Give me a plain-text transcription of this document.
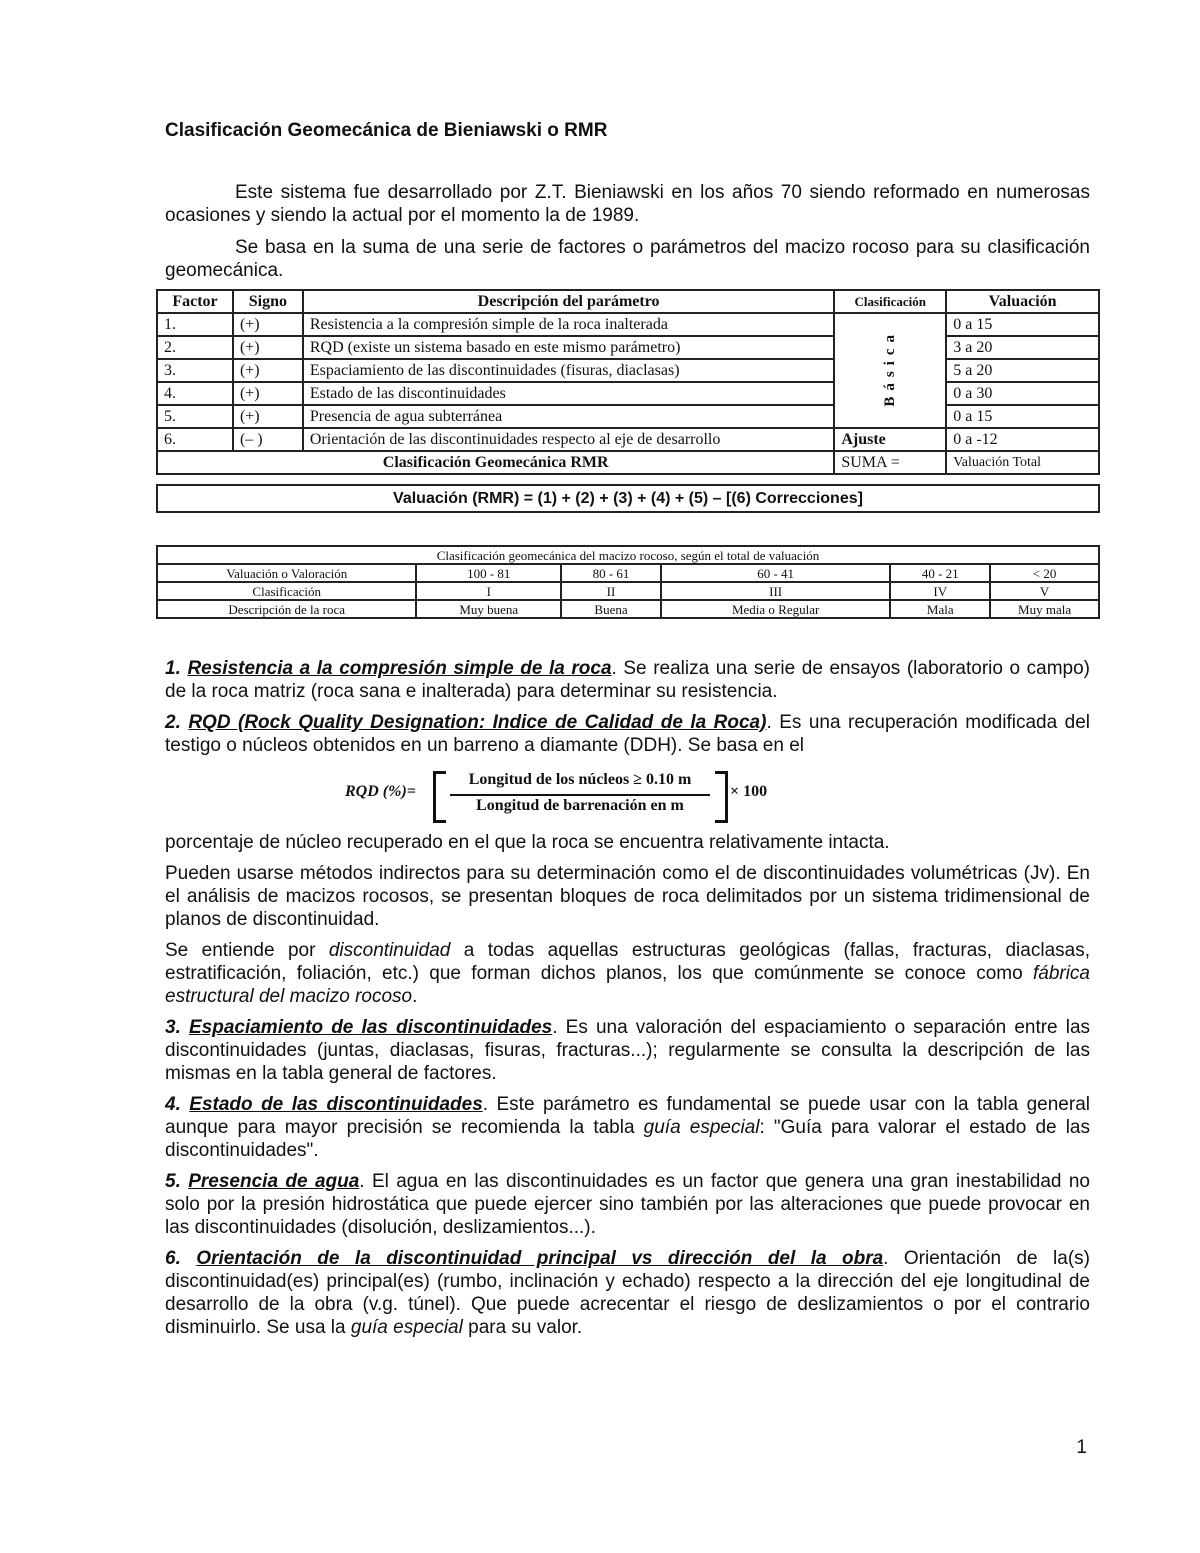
Clasificación Geomecánica de Bieniawski o RMR

Este sistema fue desarrollado por Z.T. Bieniawski en los años 70 siendo reformado en numerosas ocasiones y siendo la actual por el momento la de 1989.

Se basa en la suma de una serie de factores o parámetros del macizo rocoso para su clasificación geomecánica.

Factor	Signo	Descripción del parámetro	Clasificación	Valuación
1.	(+)	Resistencia a la compresión simple de la roca inalterada	Básica	0 a 15
2.	(+)	RQD (existe un sistema basado en este mismo parámetro)		3 a 20
3.	(+)	Espaciamiento de las discontinuidades (fisuras, diaclasas)		5 a 20
4.	(+)	Estado de las discontinuidades		0 a 30
5.	(+)	Presencia de agua subterránea		0 a 15
6.	(– )	Orientación de las discontinuidades respecto al eje de desarrollo	Ajuste	0 a -12
Clasificación Geomecánica RMR			SUMA =	Valuación Total
Valuación (RMR) = (1) + (2) + (3) + (4) + (5) – [(6) Correcciones]
Clasificación geomecánica del macizo rocoso, según el total de valuación					
Valuación o Valoración	100 - 81	80 - 61	60 - 41	40 - 21	< 20
Clasificación	I	II	III	IV	V
Descripción de la roca	Muy buena	Buena	Media o Regular	Mala	Muy mala

1. Resistencia a la compresión simple de la roca. Se realiza una serie de ensayos (laboratorio o campo) de la roca matriz (roca sana e inalterada) para determinar su resistencia.

2. RQD (Rock Quality Designation: Indice de Calidad de la Roca). Es una recuperación modificada del testigo o núcleos obtenidos en un barreno a diamante (DDH). Se basa en el

RQD (%)=
Longitud de los núcleos ≥ 0.10 m
Longitud de barrenación en m
× 100

porcentaje de núcleo recuperado en el que la roca se encuentra relativamente intacta.

Pueden usarse métodos indirectos para su determinación como el de discontinuidades volumétricas (Jv). En el análisis de macizos rocosos, se presentan bloques de roca delimitados por un sistema tridimensional de planos de discontinuidad.

Se entiende por discontinuidad a todas aquellas estructuras geológicas (fallas, fracturas, diaclasas, estratificación, foliación, etc.) que forman dichos planos, los que comúnmente se conoce como fábrica estructural del macizo rocoso.

3. Espaciamiento de las discontinuidades. Es una valoración del espaciamiento o separación entre las discontinuidades (juntas, diaclasas, fisuras, fracturas...); regularmente se consulta la descripción de las mismas en la tabla general de factores.

4. Estado de las discontinuidades. Este parámetro es fundamental se puede usar con la tabla general aunque para mayor precisión se recomienda la tabla guía especial: "Guía para valorar el estado de las discontinuidades".

5. Presencia de agua. El agua en las discontinuidades es un factor que genera una gran inestabilidad no solo por la presión hidrostática que puede ejercer sino también por las alteraciones que puede provocar en las discontinuidades (disolución, deslizamientos...).

6. Orientación de la discontinuidad principal vs dirección del la obra. Orientación de la(s) discontinuidad(es) principal(es) (rumbo, inclinación y echado) respecto a la dirección del eje longitudinal de desarrollo de la obra (v.g. túnel). Que puede acrecentar el riesgo de deslizamientos o por el contrario disminuirlo. Se usa la guía especial para su valor.

1
